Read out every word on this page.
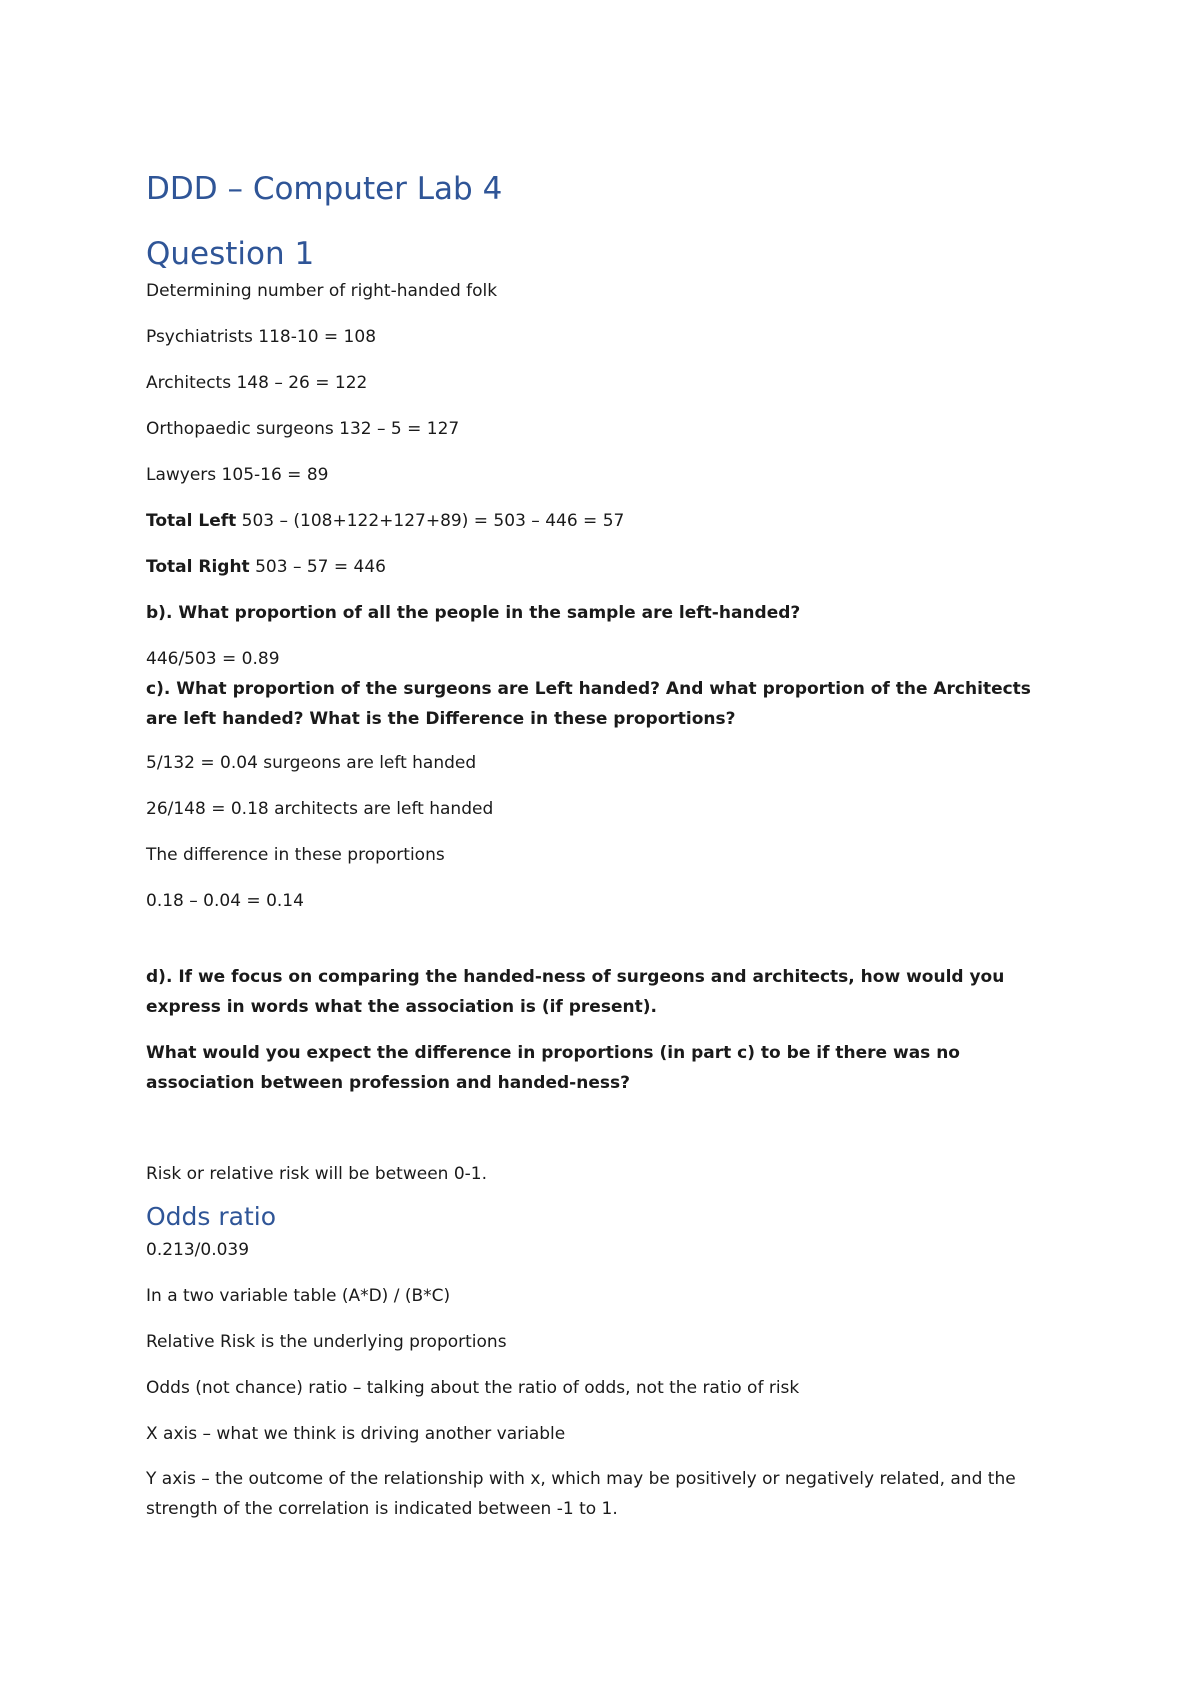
DDD – Computer Lab 4
Question 1

Determining number of right-handed folk

Psychiatrists 118-10 = 108

Architects 148 – 26 = 122

Orthopaedic surgeons 132 – 5 = 127

Lawyers 105-16 = 89

Total Left 503 – (108+122+127+89) = 503 – 446 = 57

Total Right 503 – 57 = 446

b). What proportion of all the people in the sample are left-handed?

446/503 = 0.89

c). What proportion of the surgeons are Left handed? And what proportion of the Architects are left handed? What is the Difference in these proportions?

5/132 = 0.04 surgeons are left handed

26/148 = 0.18 architects are left handed

The difference in these proportions

0.18 – 0.04 = 0.14

d). If we focus on comparing the handed-ness of surgeons and architects, how would you express in words what the association is (if present).

What would you expect the difference in proportions (in part c) to be if there was no association between profession and handed-ness?

Risk or relative risk will be between 0-1.

Odds ratio

0.213/0.039

In a two variable table (A*D) / (B*C)

Relative Risk is the underlying proportions

Odds (not chance) ratio – talking about the ratio of odds, not the ratio of risk

X axis – what we think is driving another variable

Y axis – the outcome of the relationship with x, which may be positively or negatively related, and the strength of the correlation is indicated between -1 to 1.
